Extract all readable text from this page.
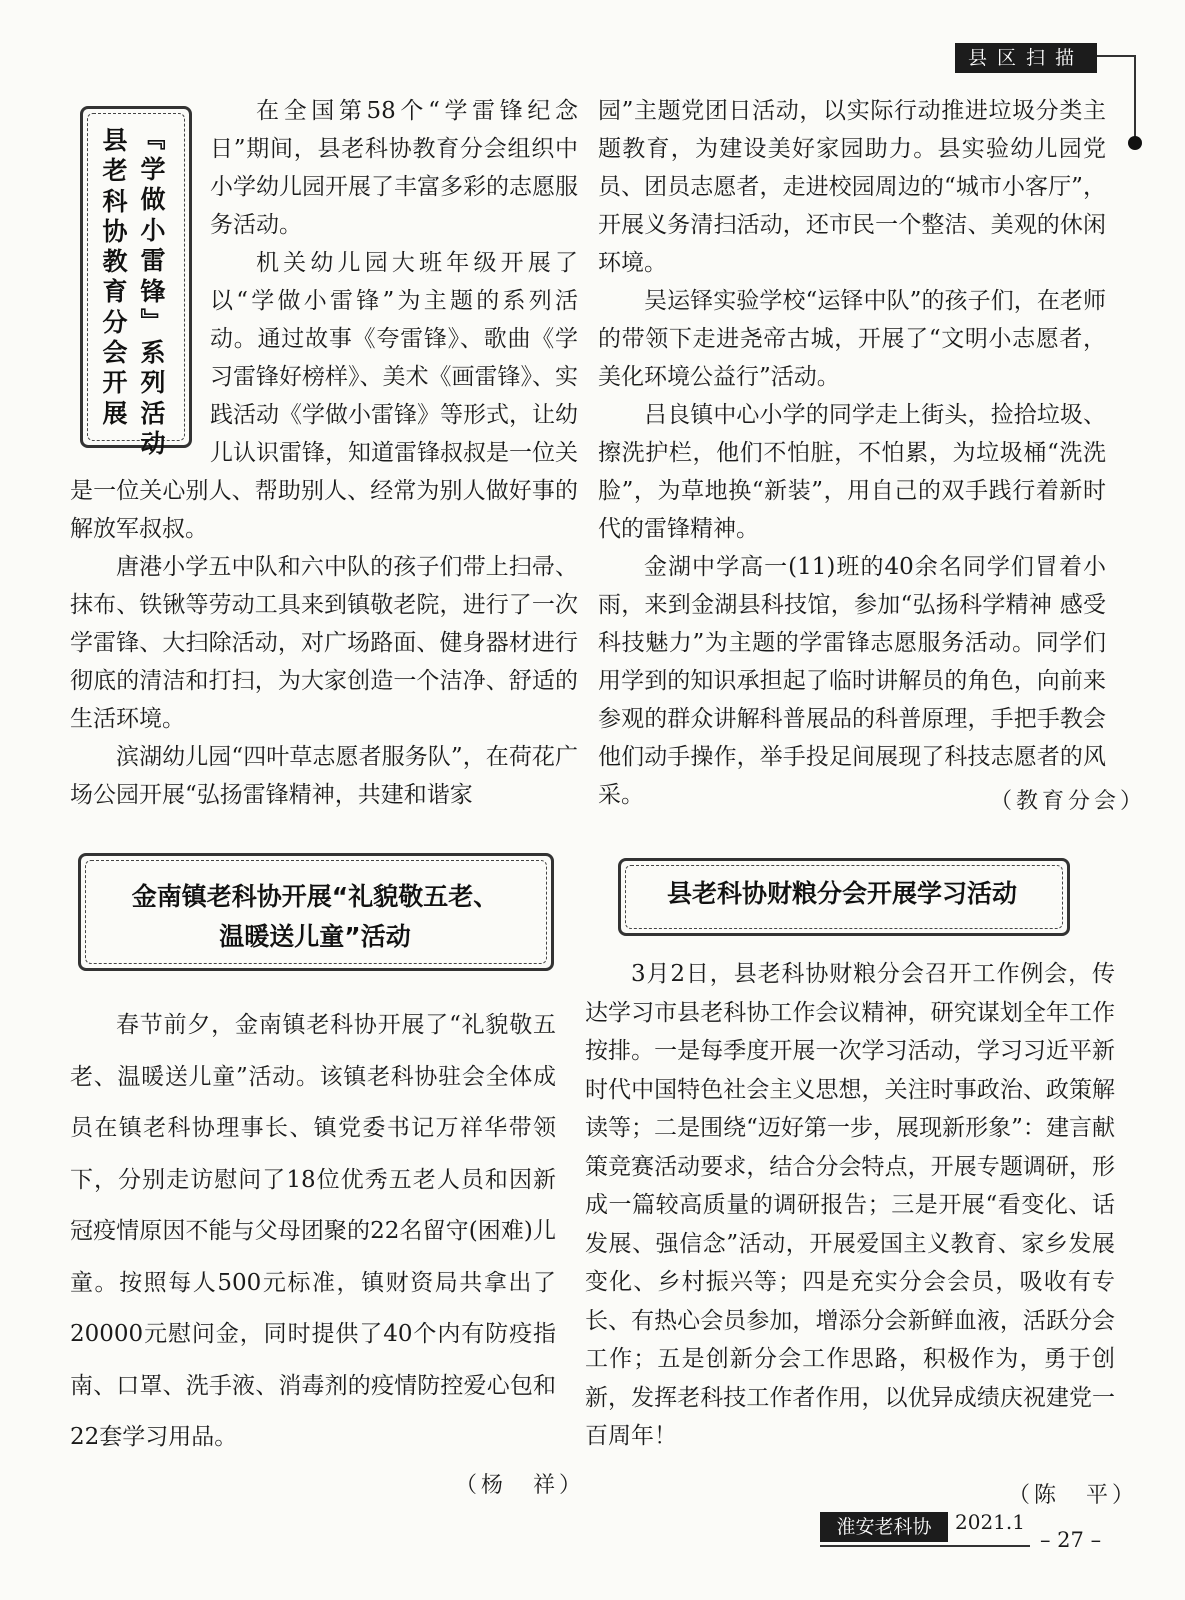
县区扫描
﹃
学
做
小
雷
锋
﹄
系
列
活
动
县
老
科
协
教
育
分
会
开
展

在全国第58个“学雷锋纪念日”期间，县老科协教育分会组织中小学幼儿园开展了丰富多彩的志愿服务活动。

机关幼儿园大班年级开展了以“学做小雷锋”为主题的系列活动。通过故事《夸雷锋》、歌曲《学习雷锋好榜样》、美术《画雷锋》、实践活动《学做小雷锋》等形式，让幼儿认识雷锋，知道雷锋叔叔是一位关

是一位关心别人、帮助别人、经常为别人做好事的解放军叔叔。

唐港小学五中队和六中队的孩子们带上扫帚、抹布、铁锹等劳动工具来到镇敬老院，进行了一次学雷锋、大扫除活动，对广场路面、健身器材进行彻底的清洁和打扫，为大家创造一个洁净、舒适的生活环境。

滨湖幼儿园“四叶草志愿者服务队”，在荷花广场公园开展“弘扬雷锋精神，共建和谐家

园”主题党团日活动，以实际行动推进垃圾分类主题教育，为建设美好家园助力。县实验幼儿园党员、团员志愿者，走进校园周边的“城市小客厅”，开展义务清扫活动，还市民一个整洁、美观的休闲环境。

吴运铎实验学校“运铎中队”的孩子们，在老师的带领下走进尧帝古城，开展了“文明小志愿者，美化环境公益行”活动。

吕良镇中心小学的同学走上街头，捡拾垃圾、擦洗护栏，他们不怕脏，不怕累，为垃圾桶“洗洗脸”，为草地换“新装”，用自己的双手践行着新时代的雷锋精神。

金湖中学高一(11)班的40余名同学们冒着小雨，来到金湖县科技馆，参加“弘扬科学精神 感受科技魅力”为主题的学雷锋志愿服务活动。同学们用学到的知识承担起了临时讲解员的角色，向前来参观的群众讲解科普展品的科普原理，手把手教会他们动手操作，举手投足间展现了科技志愿者的风采。	（教育分会）
金南镇老科协开展“礼貌敬五老、
温暖送儿童”活动

春节前夕，金南镇老科协开展了“礼貌敬五老、温暖送儿童”活动。该镇老科协驻会全体成员在镇老科协理事长、镇党委书记万祥华带领下，分别走访慰问了18位优秀五老人员和因新冠疫情原因不能与父母团聚的22名留守(困难)儿童。按照每人500元标准，镇财资局共拿出了20000元慰问金，同时提供了40个内有防疫指南、口罩、洗手液、消毒剂的疫情防控爱心包和22套学习用品。

（杨　祥）
县老科协财粮分会开展学习活动

3月2日，县老科协财粮分会召开工作例会，传达学习市县老科协工作会议精神，研究谋划全年工作按排。一是每季度开展一次学习活动，学习习近平新时代中国特色社会主义思想，关注时事政治、政策解读等；二是围绕“迈好第一步，展现新形象”：建言献策竞赛活动要求，结合分会特点，开展专题调研，形成一篇较高质量的调研报告；三是开展“看变化、话发展、强信念”活动，开展爱国主义教育、家乡发展变化、乡村振兴等；四是充实分会会员，吸收有专长、有热心会员参加，增添分会新鲜血液，活跃分会工作；五是创新分会工作思路，积极作为，勇于创新，发挥老科技工作者作用，以优异成绩庆祝建党一百周年！

（陈　平）
淮安老科协	2021.1
– 27 –
